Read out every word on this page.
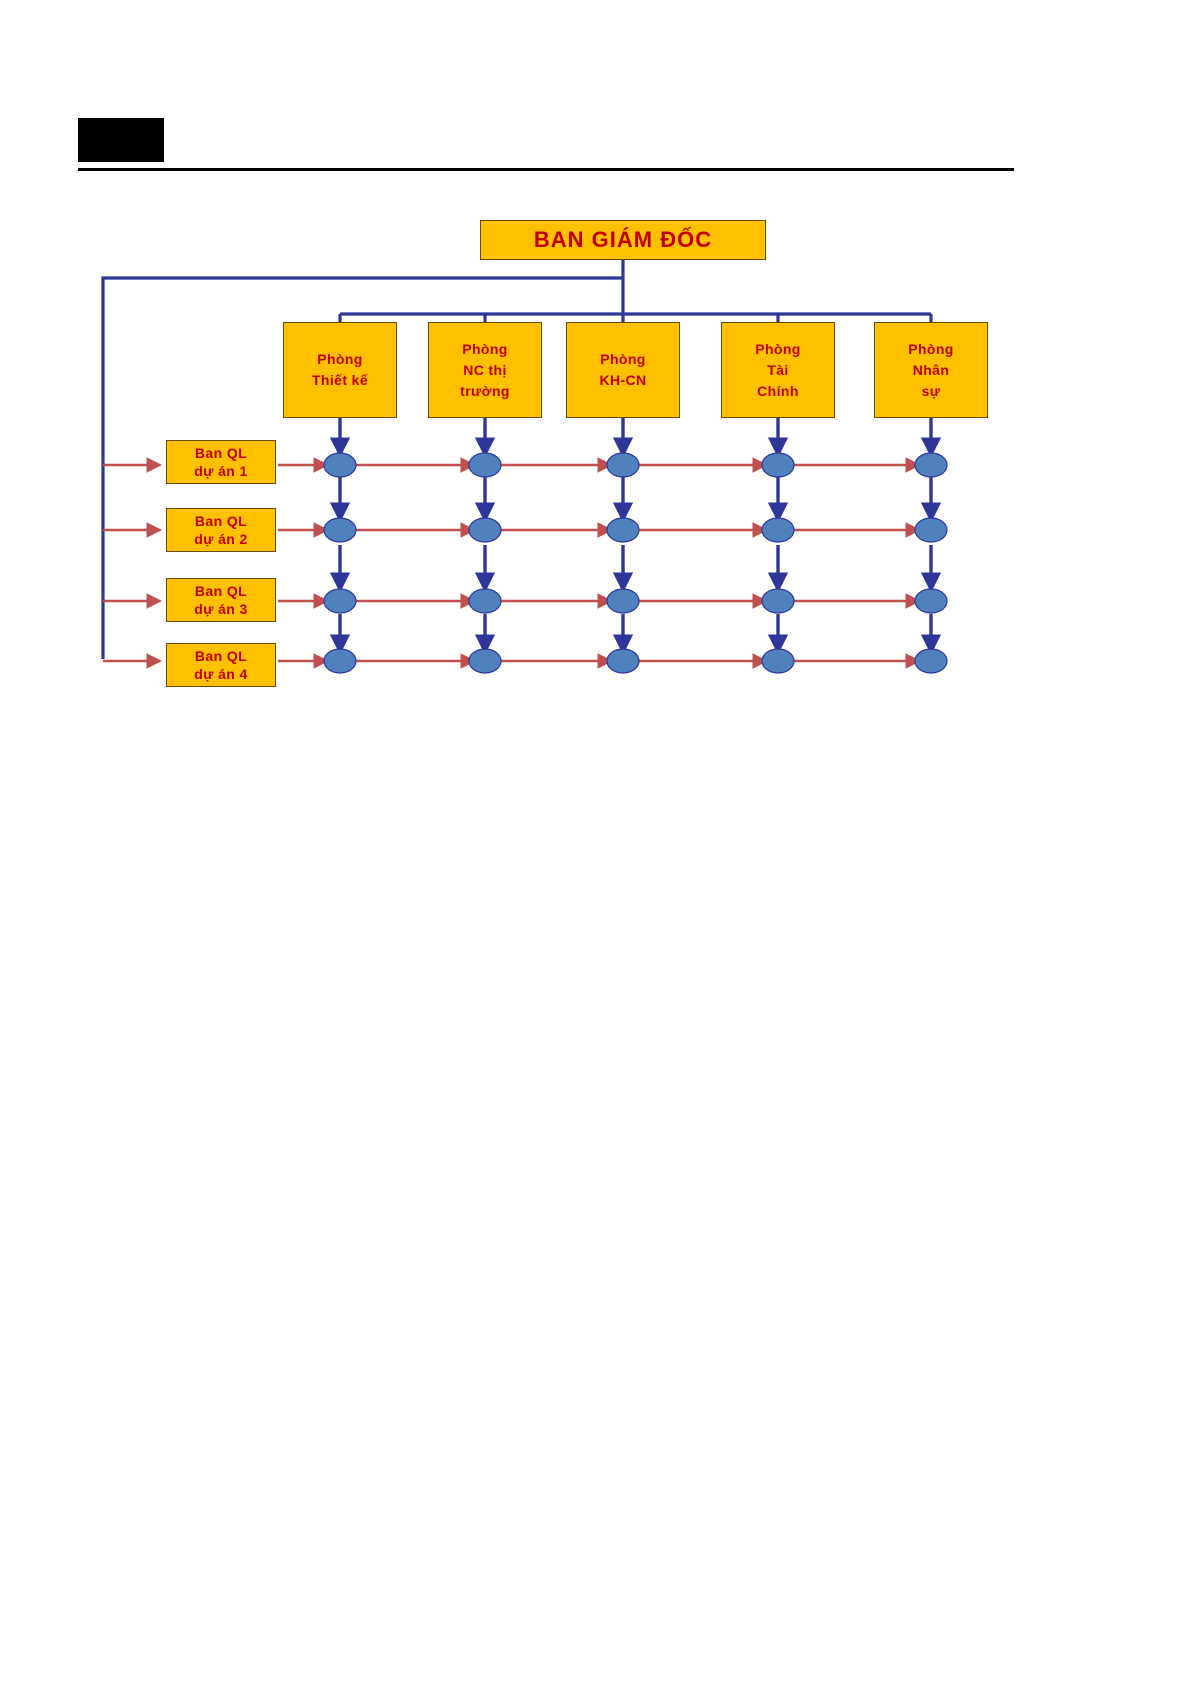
BAN GIÁM ĐỐC
Phòng
Thiết kế
Phòng
NC thị
trường
Phòng
KH-CN
Phòng
Tài
Chính
Phòng
Nhân
sự
Ban QL
dự án 1
Ban QL
dự án 2
Ban QL
dự án 3
Ban QL
dự án 4
